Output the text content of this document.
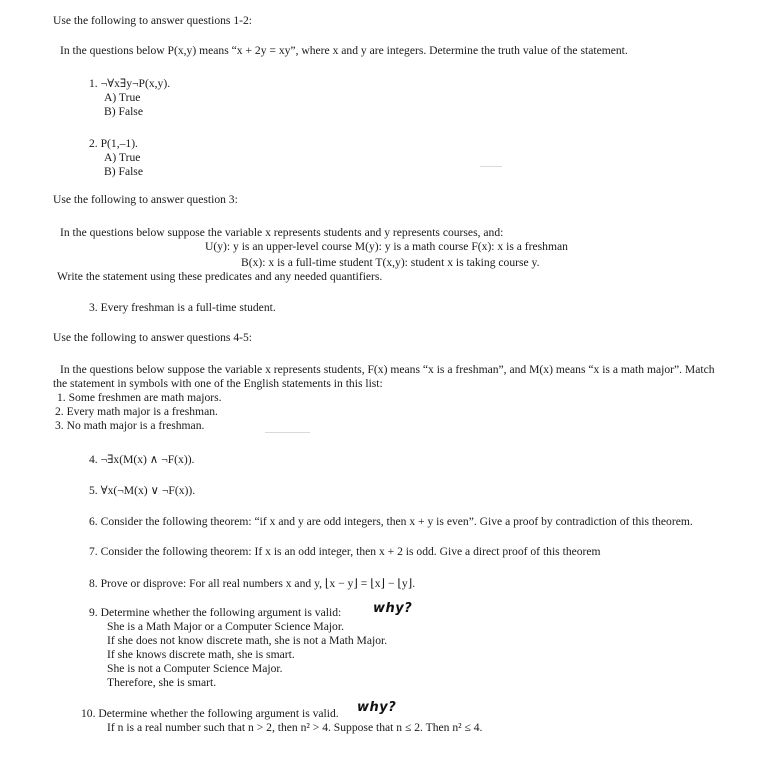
Use the following to answer questions 1-2:
In the questions below P(x,y) means “x + 2y = xy”, where x and y are integers. Determine the truth value of the statement.
1. ¬∀x∃y¬P(x,y).
A) True
B) False
2. P(1,–1).
A) True
B) False
Use the following to answer question 3:
In the questions below suppose the variable x represents students and y represents courses, and:
U(y): y is an upper-level course M(y): y is a math course F(x): x is a freshman
B(x): x is a full-time student T(x,y): student x is taking course y.
Write the statement using these predicates and any needed quantifiers.
3. Every freshman is a full-time student.
Use the following to answer questions 4-5:
In the questions below suppose the variable x represents students, F(x) means “x is a freshman”, and M(x) means “x is a math major”. Match
the statement in symbols with one of the English statements in this list:
1. Some freshmen are math majors.
2. Every math major is a freshman.
3. No math major is a freshman.
4. ¬∃x(M(x) ∧ ¬F(x)).
5. ∀x(¬M(x) ∨ ¬F(x)).
6. Consider the following theorem: “if x and y are odd integers, then x + y is even”. Give a proof by contradiction of this theorem.
7. Consider the following theorem: If x is an odd integer, then x + 2 is odd. Give a direct proof of this theorem
8. Prove or disprove: For all real numbers x and y, ⌊x − y⌋ = ⌊x⌋ − ⌊y⌋.
9. Determine whether the following argument is valid: why?
She is a Math Major or a Computer Science Major.
If she does not know discrete math, she is not a Math Major.
If she knows discrete math, she is smart.
She is not a Computer Science Major.
Therefore, she is smart.
10. Determine whether the following argument is valid. why?
If n is a real number such that n > 2, then n² > 4. Suppose that n ≤ 2. Then n² ≤ 4.
